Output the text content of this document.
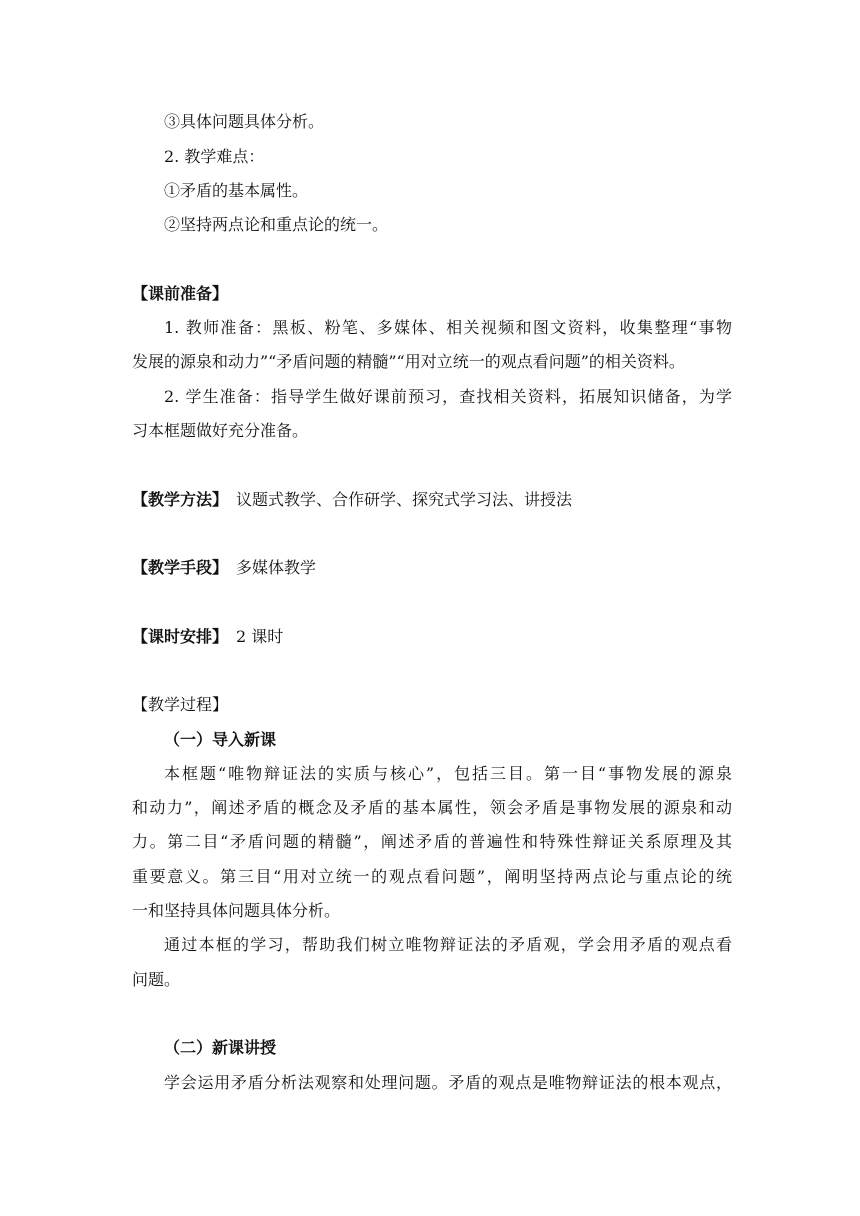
③具体问题具体分析。

2. 教学难点：

①矛盾的基本属性。

②坚持两点论和重点论的统一。

【课前准备】

1. 教师准备：黑板、粉笔、多媒体、相关视频和图文资料，收集整理“事物

发展的源泉和动力”“矛盾问题的精髓”“用对立统一的观点看问题”的相关资料。

2. 学生准备：指导学生做好课前预习，查找相关资料，拓展知识储备，为学

习本框题做好充分准备。

【教学方法】 议题式教学、合作研学、探究式学习法、讲授法

【教学手段】 多媒体教学

【课时安排】 2 课时

【教学过程】

（一）导入新课

本框题“唯物辩证法的实质与核心”，包括三目。第一目“事物发展的源泉

和动力”，阐述矛盾的概念及矛盾的基本属性，领会矛盾是事物发展的源泉和动

力。第二目“矛盾问题的精髓”，阐述矛盾的普遍性和特殊性辩证关系原理及其

重要意义。第三目“用对立统一的观点看问题”，阐明坚持两点论与重点论的统

一和坚持具体问题具体分析。

通过本框的学习，帮助我们树立唯物辩证法的矛盾观，学会用矛盾的观点看

问题。

（二）新课讲授

学会运用矛盾分析法观察和处理问题。矛盾的观点是唯物辩证法的根本观点，
